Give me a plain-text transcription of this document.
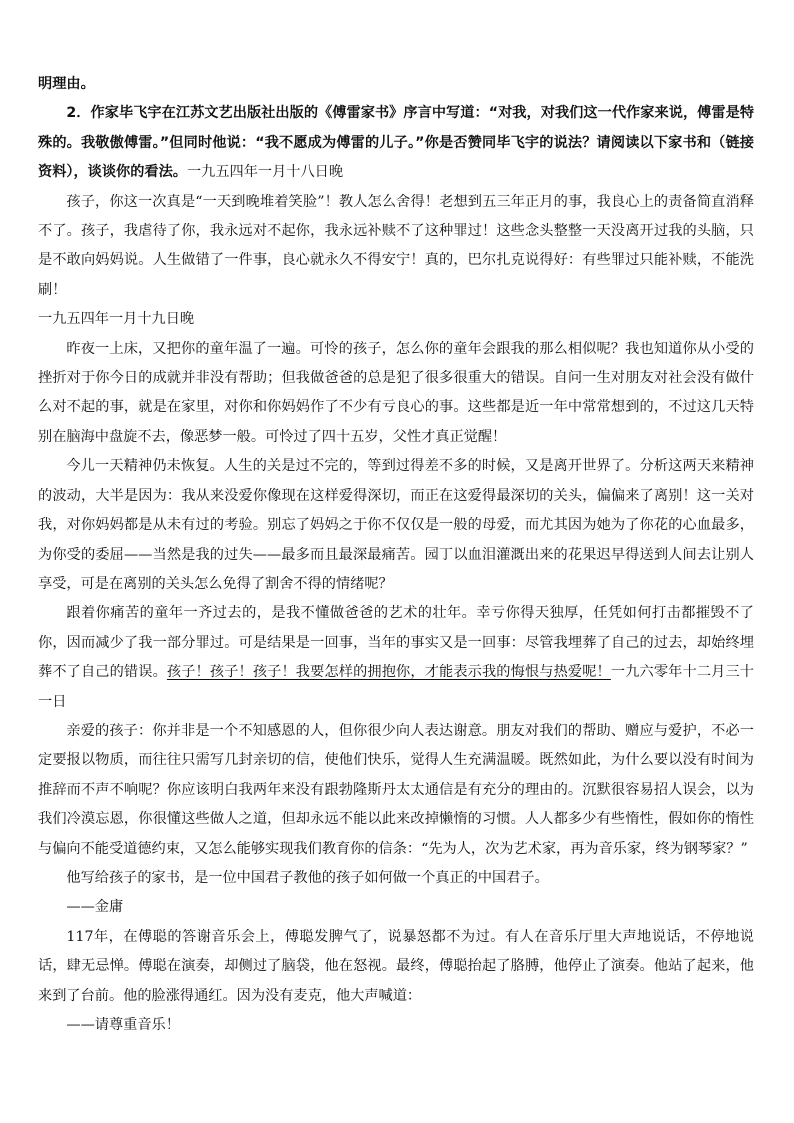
明理由。

2．作家毕飞宇在江苏文艺出版社出版的《傅雷家书》序言中写道：“对我，对我们这一代作家来说，傅雷是特殊的。我敬傲傅雷。”但同时他说：“我不愿成为傅雷的儿子。”你是否赞同毕飞宇的说法？请阅读以下家书和（链接资料），谈谈你的看法。一九五四年一月十八日晚

孩子，你这一次真是“一天到晚堆着笑脸”！教人怎么舍得！老想到五三年正月的事，我良心上的责备简直消释不了。孩子，我虐待了你，我永远对不起你，我永远补赎不了这种罪过！这些念头整整一天没离开过我的头脑，只是不敢向妈妈说。人生做错了一件事，良心就永久不得安宁！真的，巴尔扎克说得好：有些罪过只能补赎，不能洗刷！

一九五四年一月十九日晚

昨夜一上床，又把你的童年温了一遍。可怜的孩子，怎么你的童年会跟我的那么相似呢？我也知道你从小受的挫折对于你今日的成就并非没有帮助；但我做爸爸的总是犯了很多很重大的错误。自问一生对朋友对社会没有做什么对不起的事，就是在家里，对你和你妈妈作了不少有亏良心的事。这些都是近一年中常常想到的，不过这几天特别在脑海中盘旋不去，像恶梦一般。可怜过了四十五岁，父性才真正觉醒！

今儿一天精神仍未恢复。人生的关是过不完的，等到过得差不多的时候，又是离开世界了。分析这两天来精神的波动，大半是因为：我从来没爱你像现在这样爱得深切，而正在这爱得最深切的关头，偏偏来了离别！这一关对我，对你妈妈都是从未有过的考验。别忘了妈妈之于你不仅仅是一般的母爱，而尤其因为她为了你花的心血最多，为你受的委屈——当然是我的过失——最多而且最深最痛苦。园丁以血泪灌溉出来的花果迟早得送到人间去让别人享受，可是在离别的关头怎么免得了割舍不得的情绪呢？

跟着你痛苦的童年一齐过去的，是我不懂做爸爸的艺术的壮年。幸亏你得天独厚，任凭如何打击都摧毁不了你，因而减少了我一部分罪过。可是结果是一回事，当年的事实又是一回事：尽管我埋葬了自己的过去，却始终埋葬不了自己的错误。孩子！孩子！孩子！我要怎样的拥抱你，才能表示我的悔恨与热爱呢！一九六零年十二月三十一日

亲爱的孩子：你并非是一个不知感恩的人，但你很少向人表达谢意。朋友对我们的帮助、赠应与爱护，不必一定要报以物质，而往往只需写几封亲切的信，使他们快乐，觉得人生充满温暖。既然如此，为什么要以没有时间为推辞而不声不响呢？你应该明白我两年来没有跟勃隆斯丹太太通信是有充分的理由的。沉默很容易招人误会，以为我们冷漠忘恩，你很懂这些做人之道，但却永远不能以此来改掉懒惰的习惯。人人都多少有些惰性，假如你的惰性与偏向不能受道德约束，又怎么能够实现我们教育你的信条：“先为人，次为艺术家，再为音乐家，终为钢琴家？”

他写给孩子的家书，是一位中国君子教他的孩子如何做一个真正的中国君子。

——金庸

117年，在傅聪的答谢音乐会上，傅聪发脾气了，说暴怒都不为过。有人在音乐厅里大声地说话，不停地说话，肆无忌惮。傅聪在演奏，却侧过了脑袋，他在怒视。最终，傅聪抬起了胳膊，他停止了演奏。他站了起来，他来到了台前。他的脸涨得通红。因为没有麦克，他大声喊道：

——请尊重音乐！
